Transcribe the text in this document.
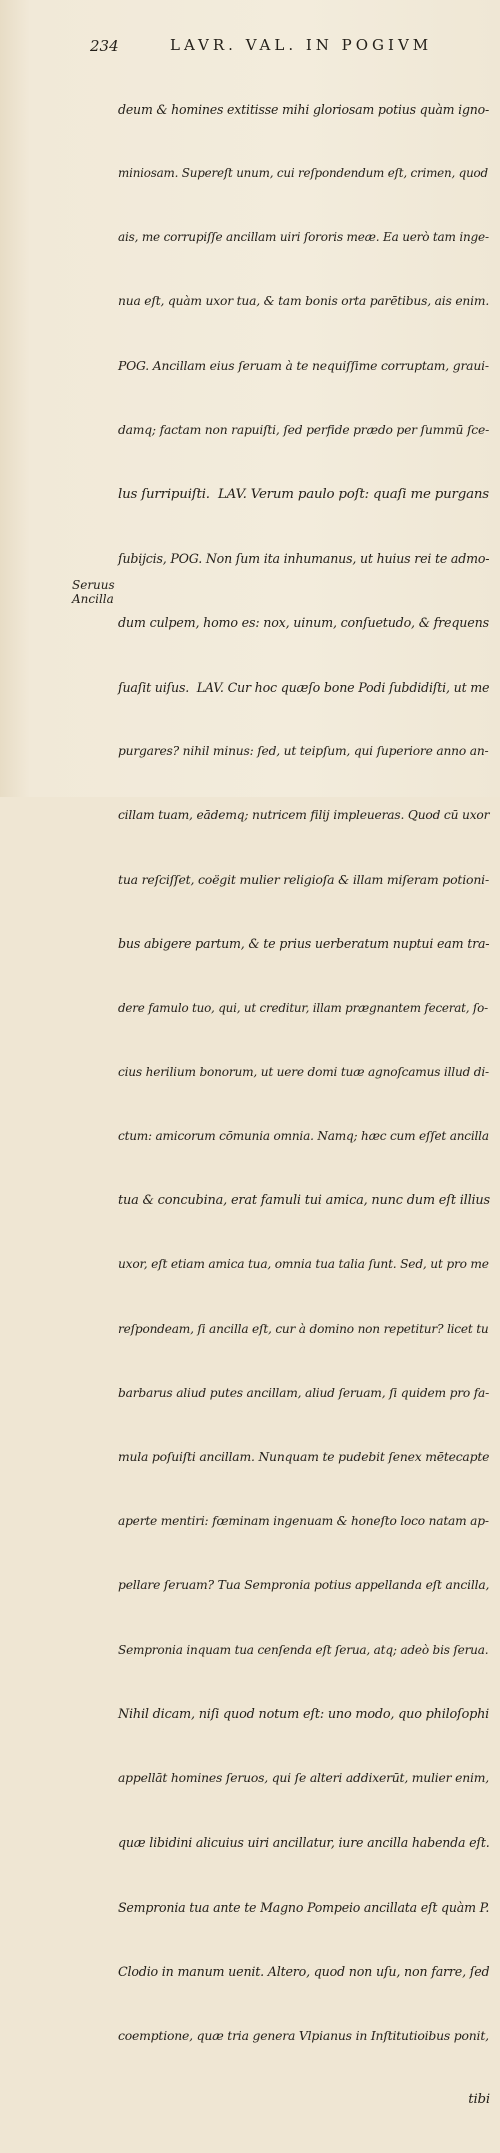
234	LAVR. VAL. IN POGIVM

deum & homines extitisse mihi gloriosam potius quàm igno-

miniosam. Supereſt unum, cui reſpondendum eſt, crimen, quod

ais, me corrupiſſe ancillam uiri ſororis meæ. Ea uerò tam inge-

nua eſt, quàm uxor tua, & tam bonis orta parētibus, ais enim.

POG. Ancillam eius ſeruam à te nequiſſime corruptam, graui-

damq; factam non rapuiſti, ſed perfide prædo per ſummū ſce-

lus ſurripuiſti.  LAV. Verum paulo poſt: quaſi me purgans

ſubijcis, POG. Non ſum ita inhumanus, ut huius rei te admo-

dum culpem, homo es: nox, uinum, conſuetudo, & frequens

ſuaſit uiſus.  LAV. Cur hoc quæſo bone Podi ſubdidiſti, ut me

purgares? nihil minus: ſed, ut teipſum, qui ſuperiore anno an-

cillam tuam, eādemq; nutricem filij impleueras. Quod cū uxor

tua reſciſſet, coëgit mulier religioſa & illam miſeram potioni-

bus abigere partum, & te prius uerberatum nuptui eam tra-

dere famulo tuo, qui, ut creditur, illam prægnantem fecerat, ſo-

cius herilium bonorum, ut uere domi tuæ agnoſcamus illud di-

ctum: amicorum cōmunia omnia. Namq; hæc cum eſſet ancilla

tua & concubina, erat famuli tui amica, nunc dum eſt illius

uxor, eſt etiam amica tua, omnia tua talia ſunt. Sed, ut pro me

reſpondeam, ſi ancilla eſt, cur à domino non repetitur? licet tu

barbarus aliud putes ancillam, aliud ſeruam, ſi quidem pro fa-

mula poſuiſti ancillam. Nunquam te pudebit ſenex mētecapte

aperte mentiri: fœminam ingenuam & honeſto loco natam ap-

pellare ſeruam? Tua Sempronia potius appellanda eſt ancilla,

Sempronia inquam tua cenſenda eſt ſerua, atq; adeò bis ſerua.

Nihil dicam, niſi quod notum eſt: uno modo, quo philoſophi

appellāt homines ſeruos, qui ſe alteri addixerūt, mulier enim,

quæ libidini alicuius uiri ancillatur, iure ancilla habenda eſt.

Sempronia tua ante te Magno Pompeio ancillata eſt quàm P.

Clodio in manum uenit. Altero, quod non uſu, non farre, ſed

coemptione, quæ tria genera Vlpianus in Inſtitutioibus ponit,

tibi

Seruus
Ancilla
